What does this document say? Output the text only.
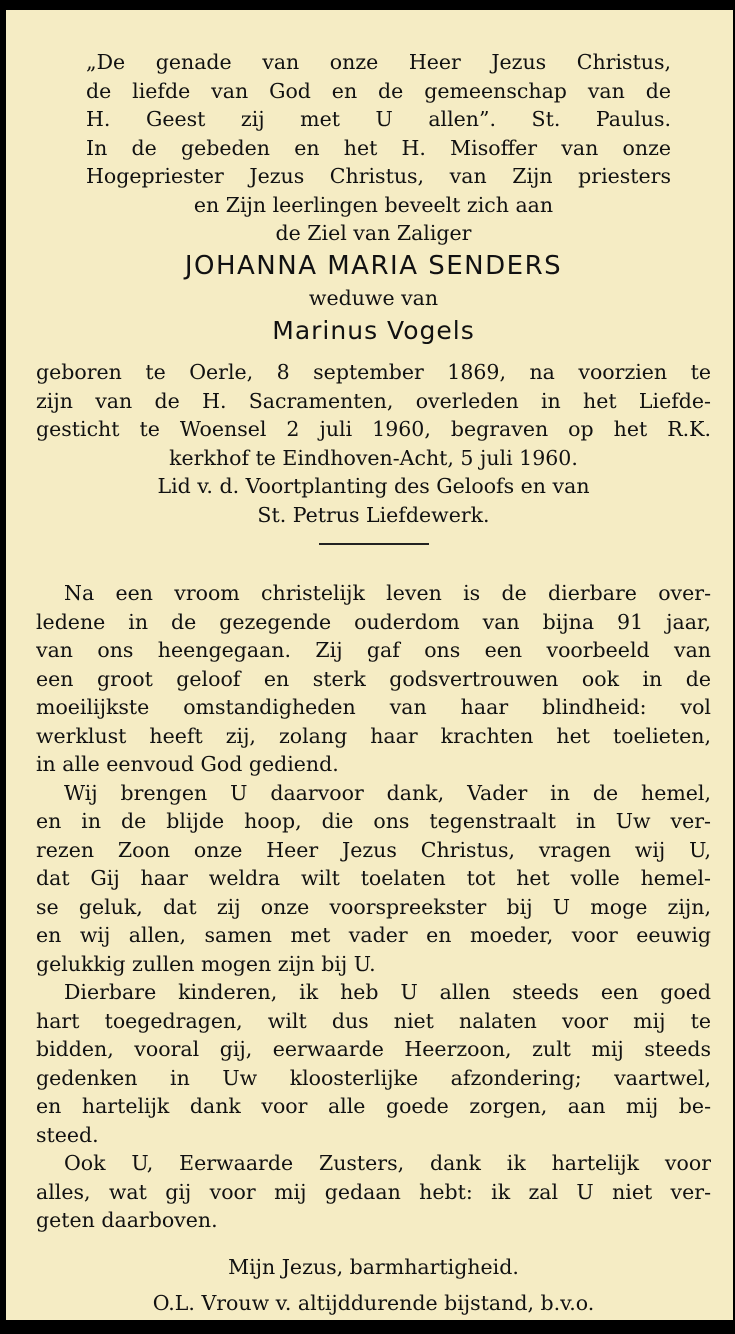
„De genade van onze Heer Jezus Christus,
de liefde van God en de gemeenschap van de
H. Geest zij met U allen”. St. Paulus.
In de gebeden en het H. Misoffer van onze
Hogepriester Jezus Christus, van Zijn priesters
en Zijn leerlingen beveelt zich aan
de Ziel van Zaliger
JOHANNA MARIA SENDERS
weduwe van
Marinus Vogels
geboren te Oerle, 8 september 1869, na voorzien te
zijn van de H. Sacramenten, overleden in het Liefde-
gesticht te Woensel 2 juli 1960, begraven op het R.K.
kerkhof te Eindhoven-Acht, 5 juli 1960.
Lid v. d. Voortplanting des Geloofs en van
St. Petrus Liefdewerk.
Na een vroom christelijk leven is de dierbare over-
ledene in de gezegende ouderdom van bijna 91 jaar,
van ons heengegaan. Zij gaf ons een voorbeeld van
een groot geloof en sterk godsvertrouwen ook in de
moeilijkste omstandigheden van haar blindheid: vol
werklust heeft zij, zolang haar krachten het toelieten,
in alle eenvoud God gediend.
Wij brengen U daarvoor dank, Vader in de hemel,
en in de blijde hoop, die ons tegenstraalt in Uw ver-
rezen Zoon onze Heer Jezus Christus, vragen wij U,
dat Gij haar weldra wilt toelaten tot het volle hemel-
se geluk, dat zij onze voorspreekster bij U moge zijn,
en wij allen, samen met vader en moeder, voor eeuwig
gelukkig zullen mogen zijn bij U.
Dierbare kinderen, ik heb U allen steeds een goed
hart toegedragen, wilt dus niet nalaten voor mij te
bidden, vooral gij, eerwaarde Heerzoon, zult mij steeds
gedenken in Uw kloosterlijke afzondering; vaartwel,
en hartelijk dank voor alle goede zorgen, aan mij be-
steed.
Ook U, Eerwaarde Zusters, dank ik hartelijk voor
alles, wat gij voor mij gedaan hebt: ik zal U niet ver-
geten daarboven.
Mijn Jezus, barmhartigheid.
O.L. Vrouw v. altijddurende bijstand, b.v.o.
